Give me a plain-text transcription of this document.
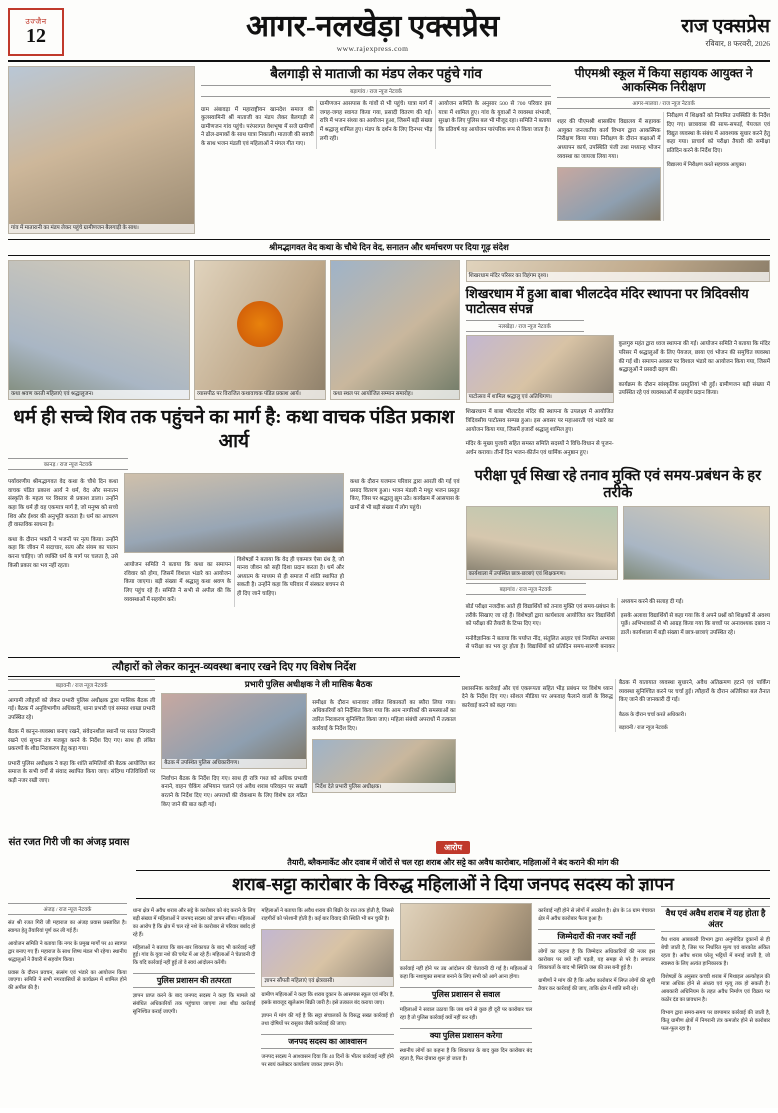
उज्जैन
12	आगर-नलखेड़ा एक्सप्रेस
www.rajexpress.com
राज एक्सप्रेस
रविवार, 8 फरवरी, 2026
गांव में मातारानी का मंडप लेकर पहुंचे ग्रामीणजन बैलगाड़ी के साथ।
बैलगाड़ी से माताजी का मंडप लेकर पहुंचे गांव
बड़ागांव / राज न्यूज नेटवर्क

ग्राम अंबावड़ा में महाराष्ट्रीयन खानदेश समाज की कुलस्वामिनी श्रीं माताजी का मंडप लेकर बैलगाड़ी से ग्रामीणजन गांव पहुंचे। परंपरागत वेशभूषा में सजे ग्रामीणों ने ढोल-ढमाकों के साथ यात्रा निकाली। माताजी की सवारी के साथ भजन मंडली एवं महिलाओं ने मंगल गीत गाए।

ग्रामीणजन आसपास के गांवों से भी पहुंचे। यात्रा मार्ग में जगह-जगह स्वागत किया गया, प्रसादी वितरण की गई। रात्रि में भजन संध्या का आयोजन हुआ, जिसमें बड़ी संख्या में श्रद्धालु शामिल हुए। मंडप के दर्शन के लिए दिनभर भीड़ लगी रही।

आयोजन समिति के अनुसार 500 से 700 परिवार इस यात्रा में शामिल हुए। गांव के युवाओं ने व्यवस्था संभाली, सुरक्षा के लिए पुलिस बल भी मौजूद रहा। समिति ने बताया कि प्रतिवर्ष यह आयोजन पारंपरिक रूप से किया जाता है।

पीएमश्री स्कूल में किया सहायक आयुक्त ने आकस्मिक निरीक्षण
आगर-मालवा / राज न्यूज नेटवर्क

शहर की पीएमश्री शासकीय विद्यालय में सहायक आयुक्त जनजातीय कार्य विभाग द्वारा आकस्मिक निरीक्षण किया गया। निरीक्षण के दौरान कक्षाओं में अध्यापन कार्य, उपस्थिति पंजी तथा मध्यान्ह भोजन व्यवस्था का जायजा लिया गया।

निरीक्षण में शिक्षकों को नियमित उपस्थिति के निर्देश दिए गए। छात्रावास की साफ-सफाई, पेयजल एवं विद्युत व्यवस्था के संबंध में आवश्यक सुधार करने हेतु कहा गया। प्राचार्य को परीक्षा तैयारी की समीक्षा प्रतिदिन करने के निर्देश दिए।

विद्यालय में निरीक्षण करते सहायक आयुक्त।

श्रीमद्भागवत वेद कथा के चौथे दिन वेद, सनातन और धर्माचरण पर दिया गूढ़ संदेश
कथा श्रवण करती महिलाएं एवं श्रद्धालुजन।	व्यासपीठ पर विराजित कथावाचक पंडित प्रकाश आर्य।	कथा स्थल पर आयोजित सम्मान समारोह।
धर्म ही सच्चे शिव तक पहुंचने का मार्ग है: कथा वाचक पंडित प्रकाश आर्य
कानड़ / राज न्यूज नेटवर्क

पर्यावरणीय श्रीमद्भागवत वेद कथा के चौथे दिन कथा वाचक पंडित प्रकाश आर्य ने धर्म, वेद और सनातन संस्कृति के महत्व पर विस्तार से प्रकाश डाला। उन्होंने कहा कि धर्म ही वह एकमात्र मार्ग है, जो मनुष्य को सच्चे शिव और ईश्वर की अनुभूति कराता है। धर्म का आचरण ही वास्तविक साधना है।

कथा के दौरान भक्तों ने भजनों पर नृत्य किया। उन्होंने कहा कि जीवन में सदाचार, सत्य और संयम का पालन करना चाहिए। जो व्यक्ति धर्म के मार्ग पर चलता है, उसे किसी प्रकार का भय नहीं रहता।	आयोजन समिति ने बताया कि कथा का समापन रविवार को होगा, जिसमें विशाल भंडारे का आयोजन किया जाएगा। बड़ी संख्या में श्रद्धालु कथा श्रवण के लिए पहुंच रहे हैं। समिति ने सभी से अपील की कि व्यवस्थाओं में सहयोग करें।

विशेषज्ञों ने बताया कि वेद ही एकमात्र ऐसा ग्रंथ है, जो मानव जीवन को सही दिशा प्रदान करता है। धर्म और अध्यात्म के माध्यम से ही समाज में शांति स्थापित हो सकती है। उन्होंने कहा कि परिवार में संस्कार बचपन से ही दिए जाने चाहिए।

कथा के दौरान यजमान परिवार द्वारा आरती की गई एवं प्रसाद वितरण हुआ। भजन मंडली ने मधुर भजन प्रस्तुत किए, जिस पर श्रद्धालु झूम उठे। कार्यक्रम में आसपास के ग्रामों से भी बड़ी संख्या में लोग पहुंचे।

शिखरधाम मंदिर परिसर का विहंगम दृश्य।
शिखरधाम में हुआ बाबा भीलटदेव मंदिर स्थापना पर त्रिदिवसीय पाटोत्सव संपन्न
नलखेड़ा / राज न्यूज नेटवर्क
पाटोत्सव में शामिल श्रद्धालु एवं अतिथिगण।

शिखरधाम में बाबा भीलटदेव मंदिर की स्थापना के उपलक्ष्य में आयोजित त्रिदिवसीय पाटोत्सव सम्पन्न हुआ। इस अवसर पर महाआरती एवं भंडारे का आयोजन किया गया, जिसमें हजारों श्रद्धालु शामिल हुए।

मंदिर के मुख्य पुजारी सहित समस्त समिति सदस्यों ने विधि-विधान से पूजन-अर्चन कराया। तीनों दिन भजन-कीर्तन एवं धार्मिक अनुष्ठान हुए।

कुलगुरु महंत द्वारा ध्वज स्थापना की गई। आयोजन समिति ने बताया कि मंदिर परिसर में श्रद्धालुओं के लिए पेयजल, छाया एवं भोजन की समुचित व्यवस्था की गई थी। समापन अवसर पर विशाल भंडारे का आयोजन किया गया, जिसमें श्रद्धालुओं ने प्रसादी ग्रहण की।

कार्यक्रम के दौरान सांस्कृतिक प्रस्तुतियां भी हुईं। ग्रामीणजन बड़ी संख्या में उपस्थित रहे एवं व्यवस्थाओं में सहयोग प्रदान किया।

परीक्षा पूर्व सिखा रहे तनाव मुक्ति एवं समय-प्रबंधन के हर तरीके
कार्यशाला में उपस्थित छात्र-छात्राएं एवं शिक्षकगण।
बड़ागांव / राज न्यूज नेटवर्क

बोर्ड परीक्षा नजदीक आते ही विद्यार्थियों को तनाव मुक्ति एवं समय-प्रबंधन के तरीके सिखाए जा रहे हैं। विशेषज्ञों द्वारा कार्यशाला आयोजित कर विद्यार्थियों को परीक्षा की तैयारी के टिप्स दिए गए।

मनोवैज्ञानिक ने बताया कि पर्याप्त नींद, संतुलित आहार एवं नियमित अभ्यास से परीक्षा का भय दूर होता है। विद्यार्थियों को प्रतिदिन समय-सारणी बनाकर अध्ययन करने की सलाह दी गई।

इसके अलावा विद्यार्थियों से कहा गया कि वे अपने प्रश्नों को शिक्षकों से अवश्य पूछें। अभिभावकों से भी आग्रह किया गया कि बच्चों पर अनावश्यक दबाव न डालें। कार्यशाला में बड़ी संख्या में छात्र-छात्राएं उपस्थित रहे।

त्यौहारों को लेकर कानून-व्यवस्था बनाए रखने दिए गए विशेष निर्देश
बड़ावनी / राज न्यूज नेटवर्क

आगामी त्यौहारों को लेकर प्रभारी पुलिस अधीक्षक द्वारा मासिक बैठक ली गई। बैठक में अनुविभागीय अधिकारी, थाना प्रभारी एवं समस्त शाखा प्रभारी उपस्थित रहे।

बैठक में कानून-व्यवस्था बनाए रखने, संवेदनशील स्थानों पर सतत निगरानी रखने एवं सूचना तंत्र मजबूत करने के निर्देश दिए गए। साथ ही लंबित प्रकरणों के शीघ्र निराकरण हेतु कहा गया।

प्रभारी पुलिस अधीक्षक ने कहा कि शांति समितियों की बैठक आयोजित कर समाज के सभी वर्गों से संवाद स्थापित किया जाए। संदिग्ध गतिविधियों पर कड़ी नजर रखी जाए।

प्रभारी पुलिस अधीक्षक ने ली मासिक बैठक
बैठक में उपस्थित पुलिस अधिकारीगण।

निर्वाचन बैठक के निर्देश दिए गए। साथ ही रात्रि गश्त को अधिक प्रभावी बनाने, वाहन चेकिंग अभियान चलाने एवं अवैध शराब परिवहन पर सख्ती बरतने के निर्देश दिए गए। अपराधों की रोकथाम के लिए विशेष दल गठित किए जाने की बात कही गई।

समीक्षा के दौरान थानावार लंबित शिकायतों का ब्यौरा लिया गया। अधिकारियों को निर्देशित किया गया कि आम नागरिकों की समस्याओं का त्वरित निराकरण सुनिश्चित किया जाए। महिला संबंधी अपराधों में तत्काल कार्रवाई के निर्देश दिए।

निर्देश देते प्रभारी पुलिस अधीक्षक।

प्रशासनिक कार्रवाई और एवं एकरूपता सहित भीड़ प्रबंधन पर विशेष ध्यान देने के निर्देश दिए गए। सोशल मीडिया पर अफवाह फैलाने वालों के विरुद्ध कार्रवाई करने को कहा गया।

बैठक में यातायात व्यवस्था सुधारने, अवैध अतिक्रमण हटाने एवं पार्किंग व्यवस्था सुनिश्चित करने पर चर्चा हुई। त्यौहारों के दौरान अतिरिक्त बल तैनात किए जाने की जानकारी दी गई।

बैठक के दौरान चर्चा करते अधिकारी।

बड़ावनी / राज न्यूज नेटवर्क

संत रजत गिरी जी का अंजड़ प्रवास	आरोप
तैयारी, ब्लैकमार्केट और दवाब में जोरों से चल रहा शराब और सट्टे का अवैध कारोबार, महिलाओं ने बंद कराने की मांग की
शराब-सट्टा कारोबार के विरुद्ध महिलाओं ने दिया जनपद सदस्य को ज्ञापन
अंजड़ / राज न्यूज नेटवर्क

संत श्री रजत गिरी जी महाराज का अंजड़ प्रवास प्रस्तावित है। स्वागत हेतु तैयारियां पूर्ण कर ली गई हैं।

आयोजन समिति ने बताया कि नगर के प्रमुख मार्गों पर 40 स्वागत द्वार बनाए गए हैं। महाराज के साथ शिष्य मंडल भी रहेगा। स्थानीय श्रद्धालुओं ने तैयारी में सहयोग किया।

प्रवास के दौरान प्रवचन, सत्संग एवं भंडारे का आयोजन किया जाएगा। समिति ने सभी नगरवासियों से कार्यक्रम में शामिल होने की अपील की है।

धाना क्षेत्र में अवैध शराब और सट्टे के कारोबार को बंद कराने के लिए बड़ी संख्या में महिलाओं ने जनपद सदस्य को ज्ञापन सौंपा। महिलाओं का आरोप है कि क्षेत्र में चल रहे नशे के कारोबार से परिवार बर्बाद हो रहे हैं।

महिलाओं ने बताया कि बार-बार शिकायत के बाद भी कार्रवाई नहीं हुई। गांव के युवा नशे की चपेट में आ रहे हैं। महिलाओं ने चेतावनी दी कि यदि कार्रवाई नहीं हुई तो वे स्वयं आंदोलन करेंगी।

पुलिस प्रशासन की तत्परता

ज्ञापन प्राप्त करने के बाद जनपद सदस्य ने कहा कि मामले को संबंधित अधिकारियों तक पहुंचाया जाएगा तथा शीघ्र कार्रवाई सुनिश्चित कराई जाएगी।

महिलाओं ने बताया कि अवैध शराब की बिक्री देर रात तक होती है, जिससे राहगीरों को परेशानी होती है। कई बार विवाद की स्थिति भी बन चुकी है।

ज्ञापन सौंपती महिलाएं एवं क्षेत्रवासी।

ग्रामीण महिलाओं ने कहा कि शराब दुकान के आसपास स्कूल एवं मंदिर है, इसके बावजूद खुलेआम बिक्री जारी है। इसे तत्काल बंद कराया जाए।

ज्ञापन में मांग की गई है कि सट्टा संचालकों के विरुद्ध सख्त कार्रवाई हो तथा दोषियों पर रासुका जैसी कार्रवाई की जाए।

जनपद सदस्य का आश्वासन

जनपद सदस्य ने आश्वासन दिया कि 40 दिनों के भीतर कार्रवाई नहीं होने पर स्वयं कलेक्टर कार्यालय जाकर ज्ञापन देंगे।

कार्रवाई नहीं होने पर उग्र आंदोलन की चेतावनी दी गई है। महिलाओं ने कहा कि नशामुक्त समाज बनाने के लिए सभी को आगे आना होगा।

पुलिस प्रशासन से सवाल

महिलाओं ने सवाल उठाया कि जब थाने से कुछ ही दूरी पर कारोबार चल रहा है तो पुलिस कार्रवाई क्यों नहीं कर रही।

क्या पुलिस प्रशासन करेगा

स्थानीय लोगों का कहना है कि शिकायत के बाद कुछ दिन कारोबार बंद रहता है, फिर दोबारा शुरू हो जाता है।

कार्रवाई नहीं होने से लोगों में आक्रोश है। क्षेत्र के 56 ग्राम पंचायत क्षेत्र में अवैध कारोबार फैला हुआ है।

जिम्मेदारों की नजर क्यों नहीं

लोगों का कहना है कि जिम्मेदार अधिकारियों की नजर इस कारोबार पर क्यों नहीं पड़ती, यह समझ से परे है। लगातार शिकायतों के बाद भी स्थिति जस की तस बनी हुई है।

ग्रामीणों ने मांग की है कि अवैध कारोबार में लिप्त लोगों की सूची तैयार कर कार्रवाई की जाए, ताकि क्षेत्र में शांति बनी रहे।

वैध एवं अवैध शराब में यह होता है अंतर

वैध शराब आबकारी विभाग द्वारा अनुमोदित दुकानों से ही बेची जाती है, जिस पर निर्धारित मूल्य एवं बारकोड अंकित रहता है। अवैध शराब घरेलू भट्टियों में बनाई जाती है, जो स्वास्थ्य के लिए अत्यंत हानिकारक है।

विशेषज्ञों के अनुसार कच्ची शराब में मिथाइल अल्कोहल की मात्रा अधिक होने से अंधत्व एवं मृत्यु तक हो सकती है। आबकारी अधिनियम के तहत अवैध निर्माण एवं विक्रय पर कठोर दंड का प्रावधान है।

विभाग द्वारा समय-समय पर छापामार कार्रवाई की जाती है, किंतु ग्रामीण क्षेत्रों में निगरानी तंत्र कमजोर होने से कारोबार फल-फूल रहा है।
